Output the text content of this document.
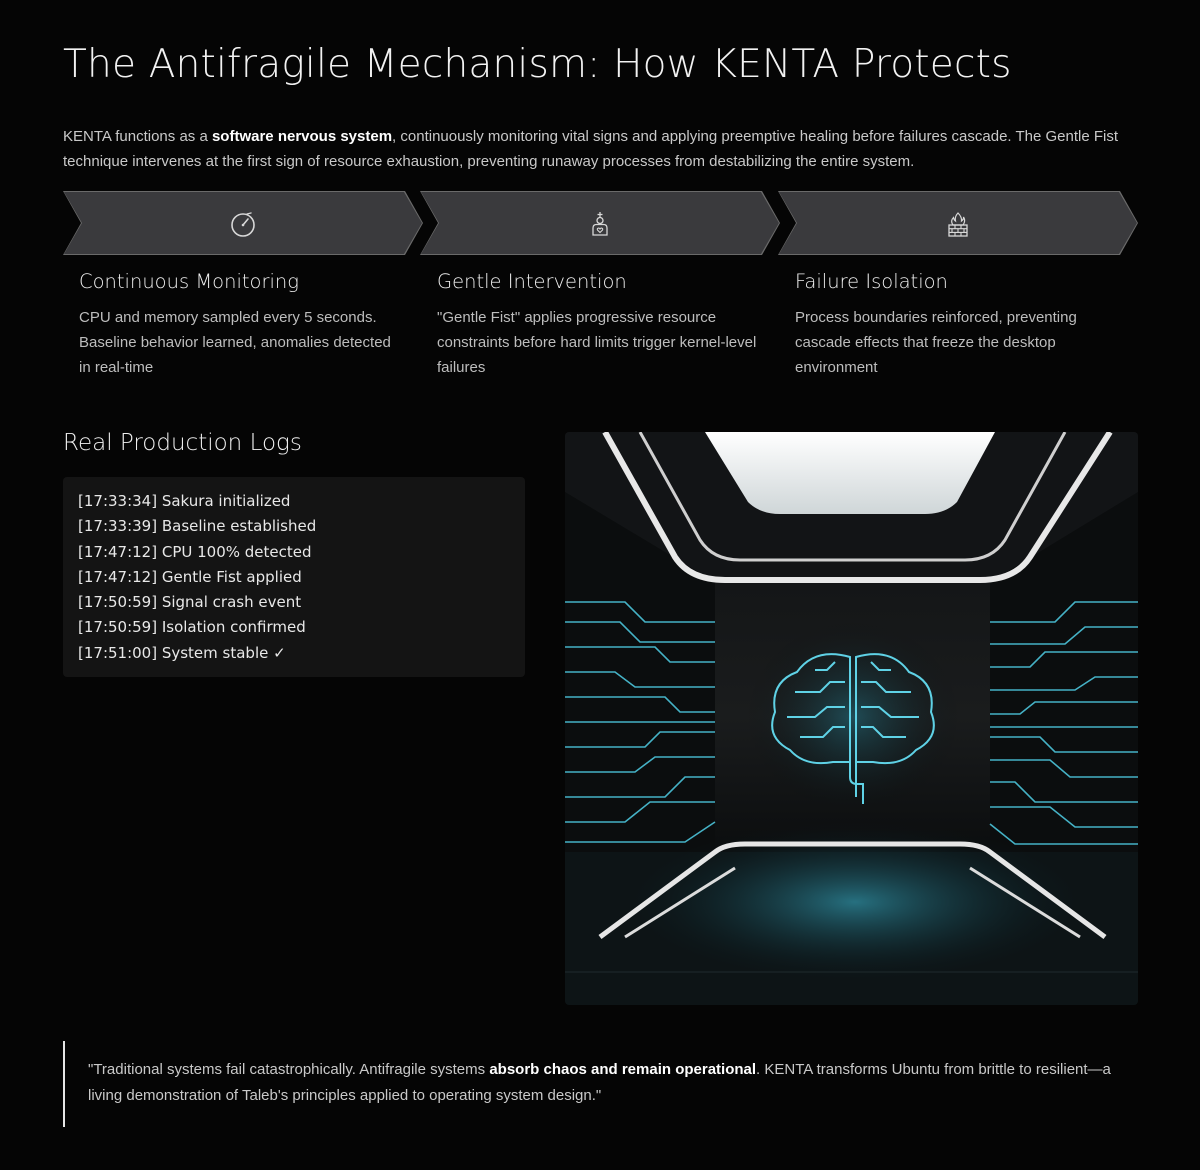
The Antifragile Mechanism: How KENTA Protects

KENTA functions as a software nervous system, continuously monitoring vital signs and applying preemptive healing before failures cascade. The Gentle Fist technique intervenes at the first sign of resource exhaustion, preventing runaway processes from destabilizing the entire system.

Continuous Monitoring

CPU and memory sampled every 5 seconds. Baseline behavior learned, anomalies detected in real-time

Gentle Intervention

"Gentle Fist" applies progressive resource constraints before hard limits trigger kernel-level failures

Failure Isolation

Process boundaries reinforced, preventing cascade effects that freeze the desktop environment

Real Production Logs
[17:33:34] Sakura initialized
[17:33:39] Baseline established
[17:47:12] CPU 100% detected
[17:47:12] Gentle Fist applied
[17:50:59] Signal crash event
[17:50:59] Isolation confirmed
[17:51:00] System stable ✓

"Traditional systems fail catastrophically. Antifragile systems absorb chaos and remain operational. KENTA transforms Ubuntu from brittle to resilient—a living demonstration of Taleb's principles applied to operating system design."
